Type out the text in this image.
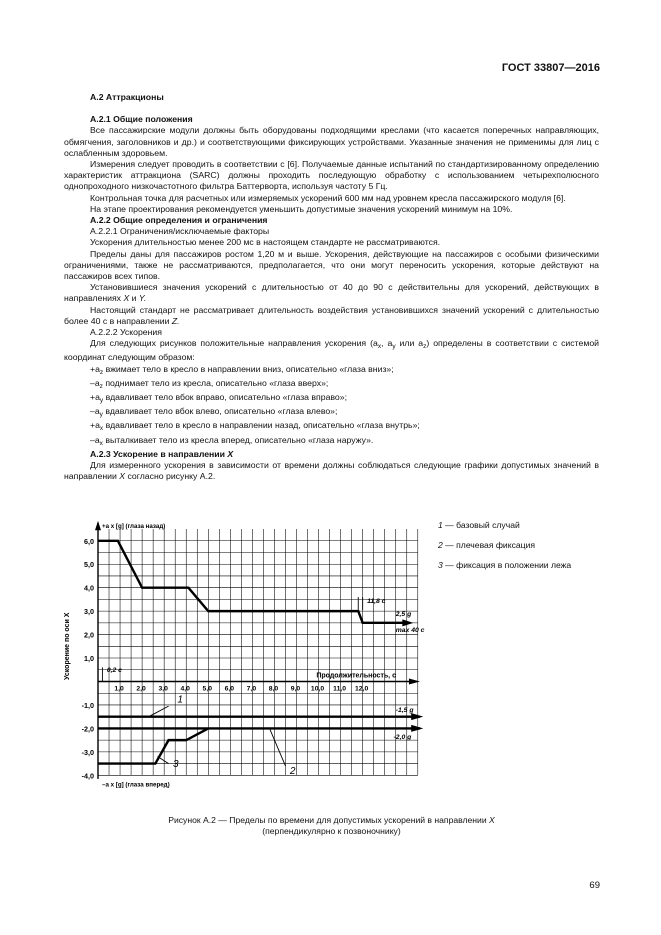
ГОСТ 33807—2016

А.2 Аттракционы

А.2.1 Общие положения

Все пассажирские модули должны быть оборудованы подходящими креслами (что касается поперечных направляющих, обмягчения, заголовников и др.) и соответствующими фиксирующих устройствами. Указанные значения не применимы для лиц с ослабленным здоровьем.

Измерения следует проводить в соответствии с [6]. Получаемые данные испытаний по стандартизированному определению характеристик аттракциона (SARC) должны проходить последующую обработку с использованием четырехполюсного однопроходного низкочастотного фильтра Баттерворта, используя частоту 5 Гц.

Контрольная точка для расчетных или измеряемых ускорений 600 мм над уровнем кресла пассажирского модуля [6].

На этапе проектирования рекомендуется уменьшить допустимые значения ускорений минимум на 10%.

А.2.2 Общие определения и ограничения

А.2.2.1 Ограничения/исключаемые факторы

Ускорения длительностью менее 200 мс в настоящем стандарте не рассматриваются.

Пределы даны для пассажиров ростом 1,20 м и выше. Ускорения, действующие на пассажиров с особыми физическими ограничениями, также не рассматриваются, предполагается, что они могут переносить ускорения, которые действуют на пассажиров всех типов.

Установившиеся значения ускорений с длительностью от 40 до 90 с действительны для ускорений, действующих в направлениях X и Y.

Настоящий стандарт не рассматривает длительность воздействия установившихся значений ускорений с длительностью более 40 с в направлении Z.

А.2.2.2 Ускорения

Для следующих рисунков положительные направления ускорения ($a_x$, $a_y$ или $a_z$) определены в соответствии с системой координат следующим образом:

$+a_z$ вжимает тело в кресло в направлении вниз, описательно «глаза вниз»;

$-a_z$ поднимает тело из кресла, описательно «глаза вверх»;

$+a_y$ вдавливает тело вбок вправо, описательно «глаза вправо»;

$-a_y$ вдавливает тело вбок влево, описательно «глаза влево»;

$+a_x$ вдавливает тело в кресло в направлении назад, описательно «глаза внутрь»;

$-a_x$ выталкивает тело из кресла вперед, описательно «глаза наружу».

А.2.3 Ускорение в направлении X

Для измеренного ускорения в зависимости от времени должны соблюдаться следующие графики допустимых значений в направлении X согласно рисунку А.2.

6,0
5,0
4,0
3,0
2,0
1,0
-1,0
-2,0
-3,0
-4,0
1,0 2,0 3,0 4,0 5,0 6,0 7,0 8,0 9,0 10,0 11,0 12,0
+a x [g] (глаза назад)
–a x [g] (глаза вперед)
Продолжительность, с
Ускорение по оси X
11,8 с
2,5 g
max 40 с
0,2 с
-1,5 g
-2,0 g
1
2
3
1 — базовый случай
2 — плечевая фиксация
3 — фиксация в положении лежа
Рисунок А.2 — Пределы по времени для допустимых ускорений в направлении X
(перпендикулярно к позвоночнику)
69
